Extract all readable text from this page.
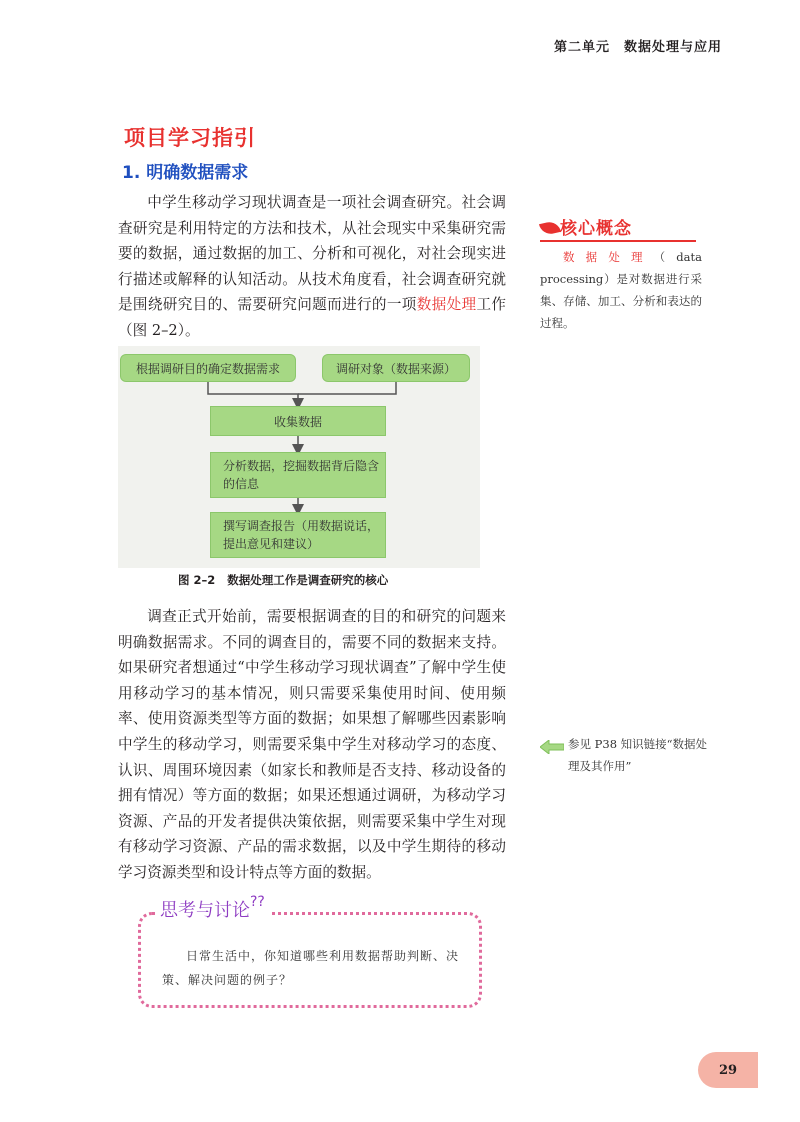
第二单元 数据处理与应用
项目学习指引
1. 明确数据需求

中学生移动学习现状调查是一项社会调查研究。社会调查研究是利用特定的方法和技术，从社会现实中采集研究需要的数据，通过数据的加工、分析和可视化，对社会现实进行描述或解释的认知活动。从技术角度看，社会调查研究就是围绕研究目的、需要研究问题而进行的一项数据处理工作（图 2–2）。

根据调研目的确定数据需求	调研对象（数据来源）
收集数据
分析数据，挖掘数据背后隐含的信息
撰写调查报告（用数据说话，提出意见和建议）
图 2–2 数据处理工作是调查研究的核心

调查正式开始前，需要根据调查的目的和研究的问题来明确数据需求。不同的调查目的，需要不同的数据来支持。如果研究者想通过“中学生移动学习现状调查”了解中学生使用移动学习的基本情况，则只需要采集使用时间、使用频率、使用资源类型等方面的数据；如果想了解哪些因素影响中学生的移动学习，则需要采集中学生对移动学习的态度、认识、周围环境因素（如家长和教师是否支持、移动设备的拥有情况）等方面的数据；如果还想通过调研，为移动学习资源、产品的开发者提供决策依据，则需要采集中学生对现有移动学习资源、产品的需求数据，以及中学生期待的移动学习资源类型和设计特点等方面的数据。

核心概念

数据处理（data processing）是对数据进行采集、存储、加工、分析和表达的过程。

参见 P38 知识链接“数据处理及其作用”

思考与讨论??

日常生活中，你知道哪些利用数据帮助判断、决策、解决问题的例子？

29
